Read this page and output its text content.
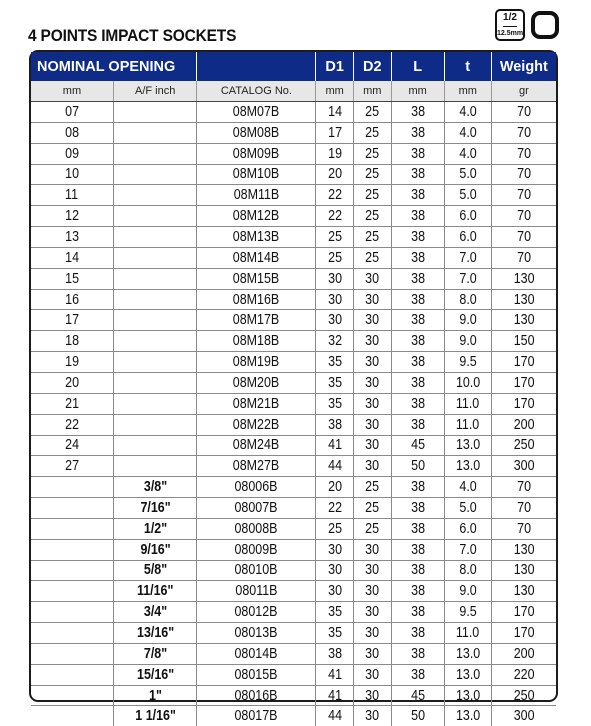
4 POINTS IMPACT SOCKETS
1/2
12.5mm
NOMINAL OPENING			D1	D2	L	t	Weight
mm	A/F inch	CATALOG No.	mm	mm	mm	mm	gr
07		08M07B	14	25	38	4.0	70
08		08M08B	17	25	38	4.0	70
09		08M09B	19	25	38	4.0	70
10		08M10B	20	25	38	5.0	70
11		08M11B	22	25	38	5.0	70
12		08M12B	22	25	38	6.0	70
13		08M13B	25	25	38	6.0	70
14		08M14B	25	25	38	7.0	70
15		08M15B	30	30	38	7.0	130
16		08M16B	30	30	38	8.0	130
17		08M17B	30	30	38	9.0	130
18		08M18B	32	30	38	9.0	150
19		08M19B	35	30	38	9.5	170
20		08M20B	35	30	38	10.0	170
21		08M21B	35	30	38	11.0	170
22		08M22B	38	30	38	11.0	200
24		08M24B	41	30	45	13.0	250
27		08M27B	44	30	50	13.0	300
	3/8"	08006B	20	25	38	4.0	70
	7/16"	08007B	22	25	38	5.0	70
	1/2"	08008B	25	25	38	6.0	70
	9/16"	08009B	30	30	38	7.0	130
	5/8"	08010B	30	30	38	8.0	130
	11/16"	08011B	30	30	38	9.0	130
	3/4"	08012B	35	30	38	9.5	170
	13/16"	08013B	35	30	38	11.0	170
	7/8"	08014B	38	30	38	13.0	200
	15/16"	08015B	41	30	38	13.0	220
	1"	08016B	41	30	45	13.0	250
	1 1/16"	08017B	44	30	50	13.0	300
